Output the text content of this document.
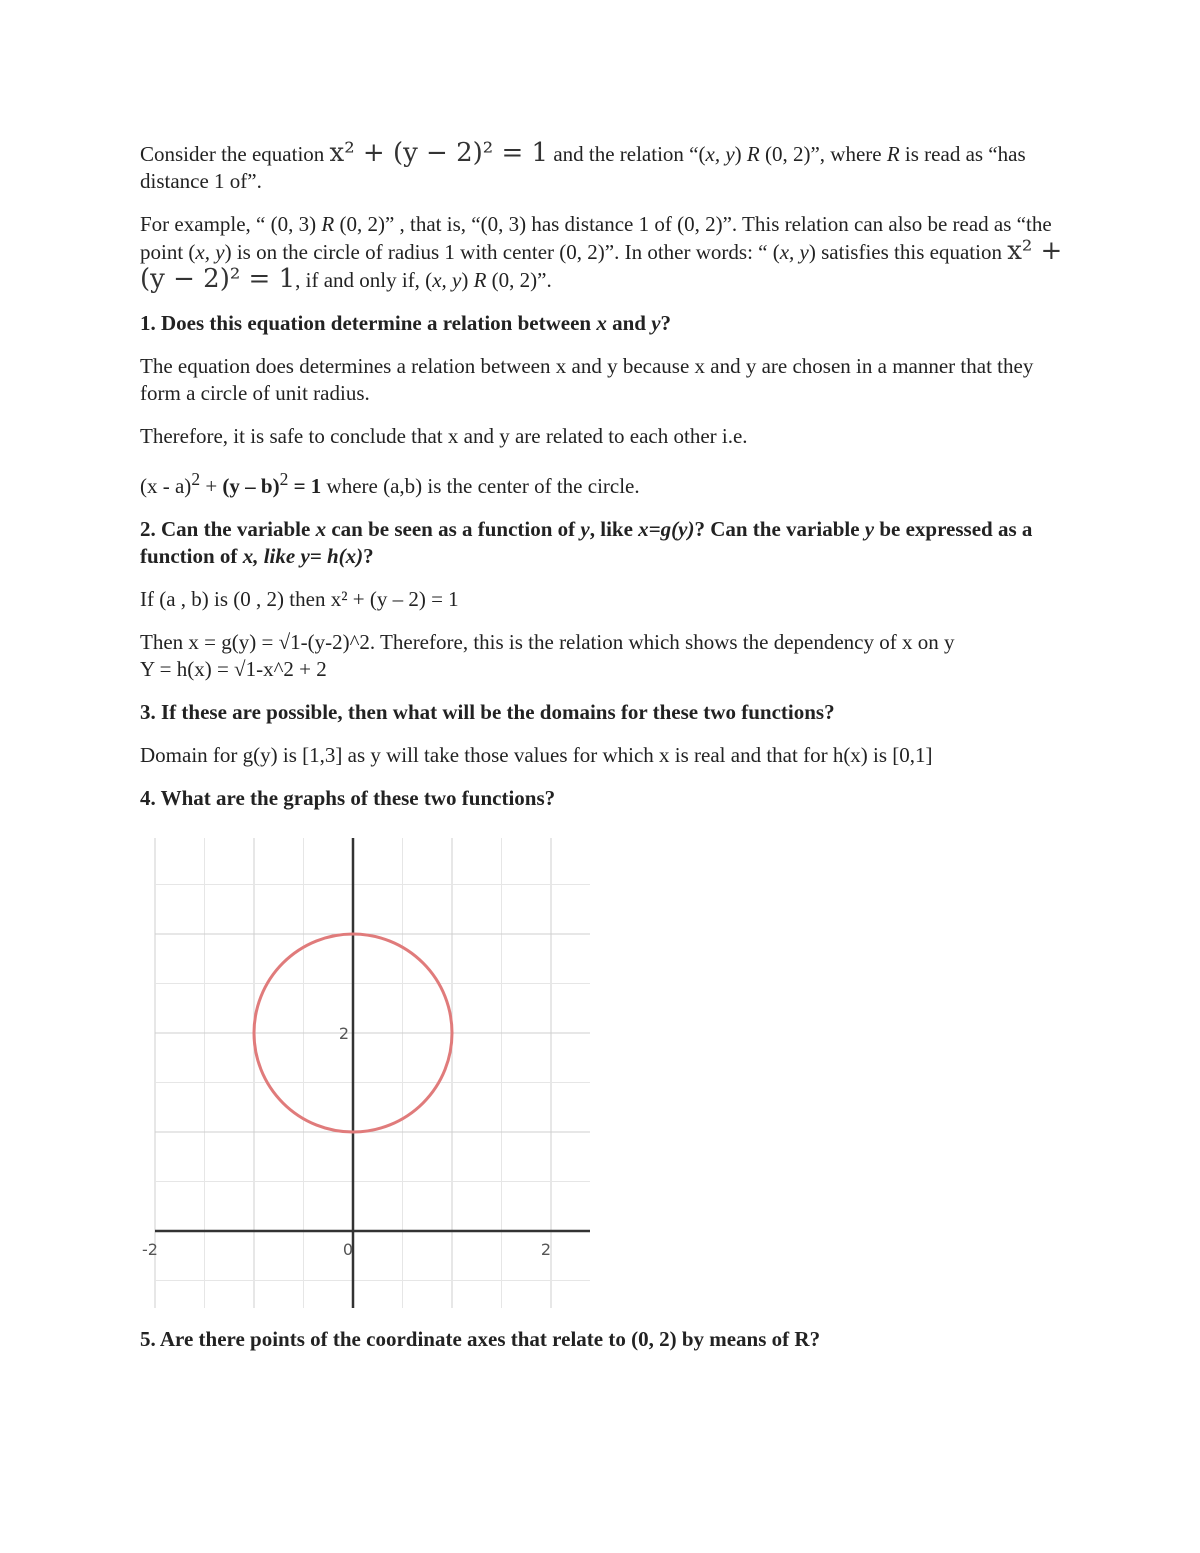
Consider the equation x² + (y − 2)² = 1 and the relation “(x, y) R (0, 2)”, where R is read as “has distance 1 of”.

For example, “ (0, 3) R (0, 2)” , that is, “(0, 3) has distance 1 of (0, 2)”. This relation can also be read as “the point (x, y) is on the circle of radius 1 with center (0, 2)”. In other words: “ (x, y) satisfies this equation x² + (y − 2)² = 1, if and only if, (x, y) R (0, 2)”.

1. Does this equation determine a relation between x and y?

The equation does determines a relation between x and y because x and y are chosen in a manner that they form a circle of unit radius.

Therefore, it is safe to conclude that x and y are related to each other i.e.

(x - a)$^2$ + (y – b)$^2$ = 1 where (a,b) is the center of the circle.

2. Can the variable x can be seen as a function of y, like x=g(y)? Can the variable y be expressed as a function of x, like y= h(x)?

If (a , b) is (0 , 2) then x² + (y – 2) = 1

Then x = g(y) = √1-(y-2)^2. Therefore, this is the relation which shows the dependency of x on y
Y = h(x) = √1-x^2 + 2

3. If these are possible, then what will be the domains for these two functions?

Domain for g(y) is [1,3] as y will take those values for which x is real and that for h(x) is [0,1]

4. What are the graphs of these two functions?

-2	0	2
2

5. Are there points of the coordinate axes that relate to (0, 2) by means of R?
